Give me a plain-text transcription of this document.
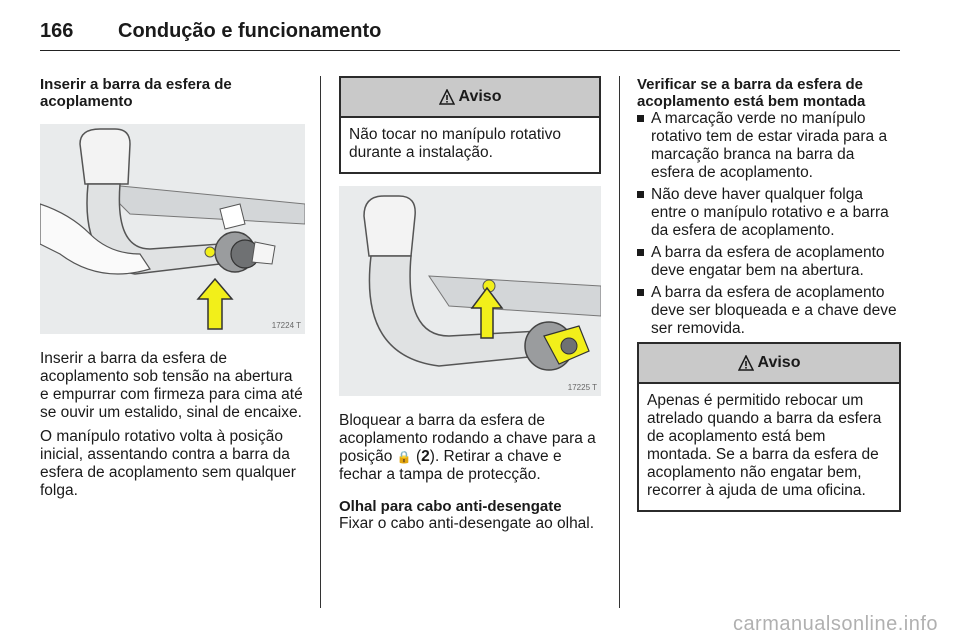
166 Condução e funcionamento
Inserir a barra da esfera de acoplamento
17224 T

Inserir a barra da esfera de acoplamento sob tensão na abertura e empurrar com firmeza para cima até se ouvir um estalido, sinal de encaixe.

O manípulo rotativo volta à posição inicial, assentando contra a barra da esfera de acoplamento sem qualquer folga.

Aviso
Não tocar no manípulo rotativo durante a instalação.
17225 T

Bloquear a barra da esfera de acoplamento rodando a chave para a posição 🔒 (2). Retirar a chave e fechar a tampa de protecção.

Olhal para cabo anti-desengate

Fixar o cabo anti-desengate ao olhal.

Verificar se a barra da esfera de acoplamento está bem montada
A marcação verde no manípulo rotativo tem de estar virada para a marcação branca na barra da esfera de acoplamento.
Não deve haver qualquer folga entre o manípulo rotativo e a barra da esfera de acoplamento.
A barra da esfera de acoplamento deve engatar bem na abertura.
A barra da esfera de acoplamento deve ser bloqueada e a chave deve ser removida.
Aviso
Apenas é permitido rebocar um atrelado quando a barra da esfera de acoplamento está bem montada. Se a barra da esfera de acoplamento não engatar bem, recorrer à ajuda de uma oficina.
carmanualsonline.info
